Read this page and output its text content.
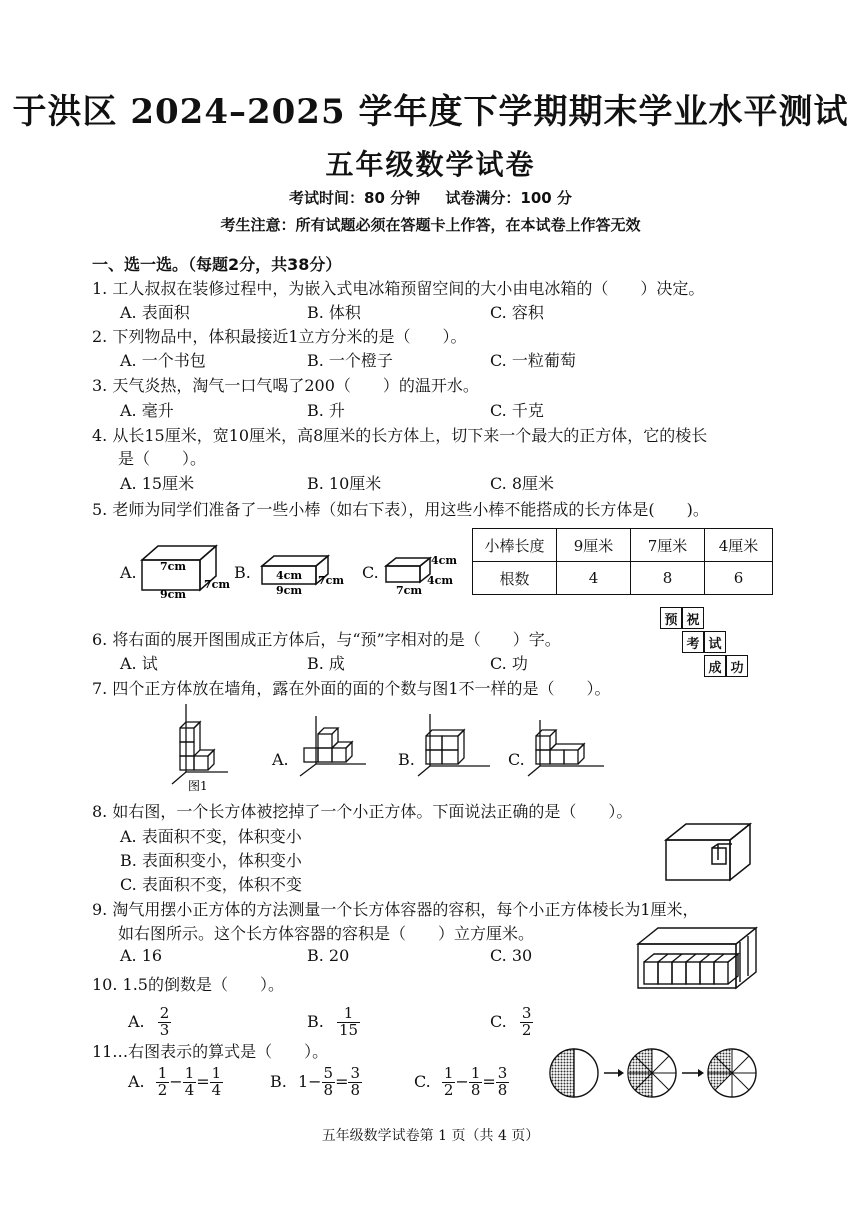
于洪区 2024–2025 学年度下学期期末学业水平测试
五年级数学试卷
考试时间：80 分钟 试卷满分：100 分
考生注意：所有试题必须在答题卡上作答，在本试卷上作答无效
一、选一选。（每题2分，共38分）
1. 工人叔叔在装修过程中，为嵌入式电冰箱预留空间的大小由电冰箱的（　　）决定。
A. 表面积	B. 体积	C. 容积
2. 下列物品中，体积最接近1立方分米的是（　　）。
A. 一个书包	B. 一个橙子	C. 一粒葡萄
3. 天气炎热，淘气一口气喝了200（　　）的温开水。
A. 毫升	B. 升	C. 千克
4. 从长15厘米，宽10厘米，高8厘米的长方体上，切下来一个最大的正方体，它的棱长
是（　　）。
A. 15厘米	B. 10厘米	C. 8厘米
5. 老师为同学们准备了一些小棒（如右下表），用这些小棒不能搭成的长方体是(　　)。
A. 7cm
9cm
7cm
B. 4cm
9cm
7cm C.
4cm
4cm
7cm
小棒长度	9厘米	7厘米	4厘米
根数	4	8	6
6. 将右面的展开图围成正方体后，与“预”字相对的是（　　）字。
A. 试	B. 成	C. 功
预 祝
考 试
成 功
7. 四个正方体放在墙角，露在外面的面的个数与图1不一样的是（　　）。
图1
A.	B.	C.
8. 如右图，一个长方体被挖掉了一个小正方体。下面说法正确的是（　　）。
A. 表面积不变，体积变小
B. 表面积变小，体积变小
C. 表面积不变，体积不变
9. 淘气用摆小正方体的方法测量一个长方体容器的容积，每个小正方体棱长为1厘米，
如右图所示。这个长方体容器的容积是（　　）立方厘米。
A. 16	B. 20	C. 30
10. 1.5的倒数是（　　）。
A. $\frac{2}{3}$	B. $\frac{1}{15}$	C. $\frac{3}{2}$
11.‥右图表示的算式是（　　）。
A. $\frac{1}{2} - \frac{1}{4} = \frac{1}{4}$	B. $1- \frac{5}{8} = \frac{3}{8}$	C. $\frac{1}{2} - \frac{1}{8} = \frac{3}{8}$
五年级数学试卷第 1 页（共 4 页）
